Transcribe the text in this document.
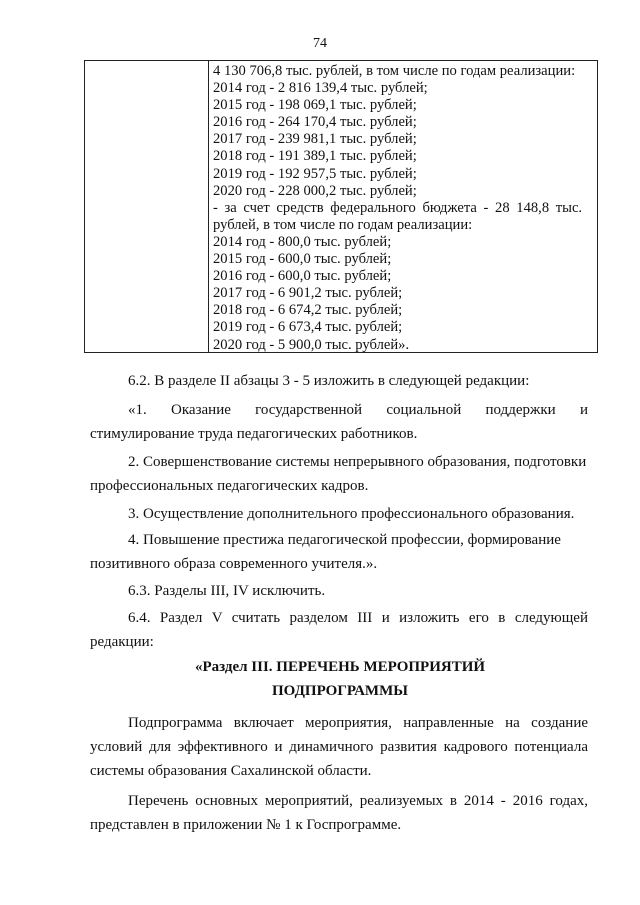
74
4 130 706,8 тыс. рублей, в том числе по годам реализации:
2014 год - 2 816 139,4 тыс. рублей;
2015 год - 198 069,1 тыс. рублей;
2016 год - 264 170,4 тыс. рублей;
2017 год - 239 981,1 тыс. рублей;
2018 год - 191 389,1 тыс. рублей;
2019 год - 192 957,5 тыс. рублей;
2020 год - 228 000,2 тыс. рублей;
- за счет средств федерального бюджета - 28 148,8 тыс.
рублей, в том числе по годам реализации:
2014 год - 800,0 тыс. рублей;
2015 год - 600,0 тыс. рублей;
2016 год - 600,0 тыс. рублей;
2017 год - 6 901,2 тыс. рублей;
2018 год - 6 674,2 тыс. рублей;
2019 год - 6 673,4 тыс. рублей;
2020 год - 5 900,0 тыс. рублей».
6.2. В разделе II абзацы 3 - 5 изложить в следующей редакции:
«1. Оказание государственной социальной поддержки и
стимулирование труда педагогических работников.
2. Совершенствование системы непрерывного образования, подготовки
профессиональных педагогических кадров.
3. Осуществление дополнительного профессионального образования.
4. Повышение престижа педагогической профессии, формирование
позитивного образа современного учителя.».
6.3. Разделы III, IV исключить.
6.4. Раздел V считать разделом III и изложить его в следующей
редакции:
«Раздел III. ПЕРЕЧЕНЬ МЕРОПРИЯТИЙ
ПОДПРОГРАММЫ
Подпрограмма включает мероприятия, направленные на создание
условий для эффективного и динамичного развития кадрового потенциала
системы образования Сахалинской области.
Перечень основных мероприятий, реализуемых в 2014 - 2016 годах,
представлен в приложении № 1 к Госпрограмме.
